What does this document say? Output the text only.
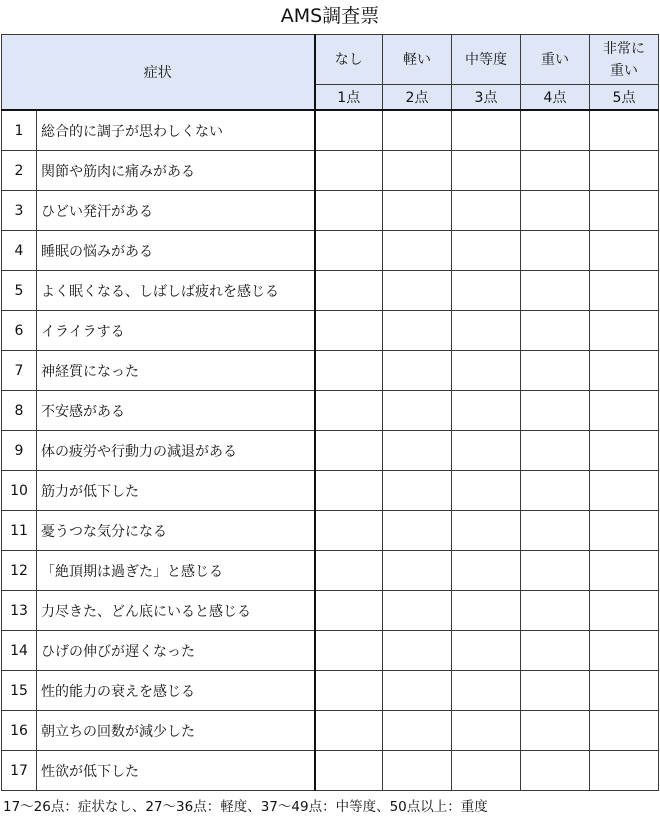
AMS調査票
症状		なし	軽い	中等度	重い	非常に重い
		1点	2点	3点	4点	5点
1	総合的に調子が思わしくない					
2	関節や筋肉に痛みがある					
3	ひどい発汗がある					
4	睡眠の悩みがある					
5	よく眠くなる、しばしば疲れを感じる					
6	イライラする					
7	神経質になった					
8	不安感がある					
9	体の疲労や行動力の減退がある					
10	筋力が低下した					
11	憂うつな気分になる					
12	「絶頂期は過ぎた」と感じる					
13	力尽きた、どん底にいると感じる					
14	ひげの伸びが遅くなった					
15	性的能力の衰えを感じる					
16	朝立ちの回数が減少した					
17	性欲が低下した					
17～26点：症状なし、27～36点：軽度、37～49点：中等度、50点以上：重度
